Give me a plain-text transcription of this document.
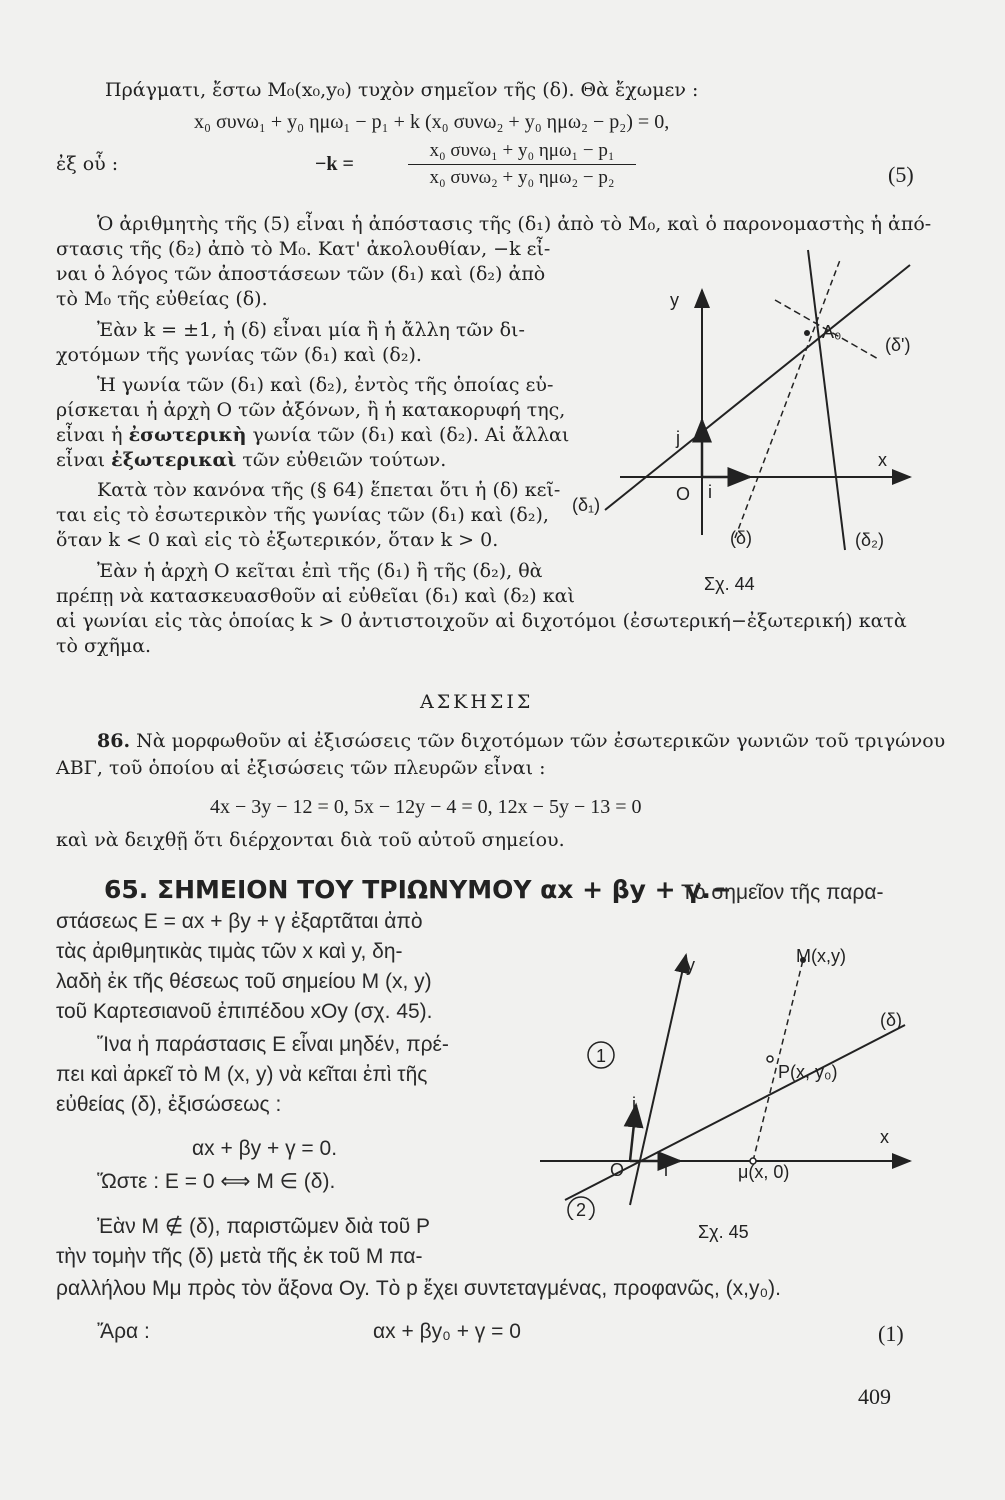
Πράγματι, ἔστω M₀(x₀,y₀) τυχὸν σημεῖον τῆς (δ). Θὰ ἔχωμεν :
x₀ συνω₁ + y₀ ημω₁ − p₁ + k (x₀ συνω₂ + y₀ ημω₂ − p₂) = 0,
ἐξ οὗ :	−k =
x₀ συνω₁ + y₀ ημω₁ − p₁
x₀ συνω₂ + y₀ ημω₂ − p₂	(5)
Ὁ ἀριθμητὴς τῆς (5) εἶναι ἡ ἀπόστασις τῆς (δ₁) ἀπὸ τὸ M₀, καὶ ὁ παρονομαστὴς ἡ ἀπό-
στασις τῆς (δ₂) ἀπὸ τὸ M₀. Κατ' ἀκολουθίαν, −k εἶ-
ναι ὁ λόγος τῶν ἀποστάσεων τῶν (δ₁) καὶ (δ₂) ἀπὸ
τὸ M₀ τῆς εὐθείας (δ).
Ἐὰν k = ±1, ἡ (δ) εἶναι μία ἢ ἡ ἄλλη τῶν δι-
χοτόμων τῆς γωνίας τῶν (δ₁) καὶ (δ₂).
Ἡ γωνία τῶν (δ₁) καὶ (δ₂), ἐντὸς τῆς ὁποίας εὑ-
ρίσκεται ἡ ἀρχὴ O τῶν ἀξόνων, ἢ ἡ κατακορυφή της,
εἶναι ἡ ἐσωτερικὴ γωνία τῶν (δ₁) καὶ (δ₂). Αἱ ἄλλαι
εἶναι ἐξωτερικαὶ τῶν εὐθειῶν τούτων.
Κατὰ τὸν κανόνα τῆς (§ 64) ἕπεται ὅτι ἡ (δ) κεῖ-
ται εἰς τὸ ἐσωτερικὸν τῆς γωνίας τῶν (δ₁) καὶ (δ₂),
ὅταν k < 0 καὶ εἰς τὸ ἐξωτερικόν, ὅταν k > 0.
Ἐὰν ἡ ἀρχὴ O κεῖται ἐπὶ τῆς (δ₁) ἢ τῆς (δ₂), θὰ
πρέπῃ νὰ κατασκευασθοῦν αἱ εὐθεῖαι (δ₁) καὶ (δ₂) καὶ
αἱ γωνίαι εἰς τὰς ὁποίας k > 0 ἀντιστοιχοῦν αἱ διχοτόμοι (ἐσωτερική−ἐξωτερική) κατὰ
τὸ σχῆμα.
y
A₀
(δ')
j
x
O i
(δ₁)
(δ)	(δ₂)
Σχ. 44
ΑΣΚΗΣΙΣ
86. Νὰ μορφωθοῦν αἱ ἐξισώσεις τῶν διχοτόμων τῶν ἐσωτερικῶν γωνιῶν τοῦ τριγώνου
ΑΒΓ, τοῦ ὁποίου αἱ ἐξισώσεις τῶν πλευρῶν εἶναι :
4x − 3y − 12 = 0, 5x − 12y − 4 = 0, 12x − 5y − 13 = 0
καὶ νὰ δειχθῇ ὅτι διέρχονται διὰ τοῦ αὐτοῦ σημείου.
65. ΣΗΜΕΙΟΝ ΤΟΥ ΤΡΙΩΝΥΜΟΥ αx + βy + γ.−
Τὸ σημεῖον τῆς παρα-
στάσεως E = αx + βy + γ ἐξαρτᾶται ἀπὸ
τὰς ἀριθμητικὰς τιμὰς τῶν x καὶ y, δη-
λαδὴ ἐκ τῆς θέσεως τοῦ σημείου M (x, y)
τοῦ Καρτεσιανοῦ ἐπιπέδου xOy (σχ. 45).
Ἵνα ἡ παράστασις E εἶναι μηδέν, πρέ-
πει καὶ ἀρκεῖ τὸ M (x, y) νὰ κεῖται ἐπὶ τῆς
εὐθείας (δ), ἐξισώσεως :
αx + βy + γ = 0.
Ὥστε : E = 0 ⟺ M ∈ (δ).
Ἐὰν M ∉ (δ), παριστῶμεν διὰ τοῦ P
τὴν τομὴν τῆς (δ) μετὰ τῆς ἐκ τοῦ M πα-
ραλλήλου Mμ πρὸς τὸν ἄξονα Oy. Τὸ p ἔχει συντεταγμένας, προφανῶς, (x,y₀).
Ἄρα :	αx + βy₀ + γ = 0	(1)
y	M(x,y)
(δ)
1
P(x, y₀)
j
x
O i	μ(x, 0)
2
Σχ. 45
409
